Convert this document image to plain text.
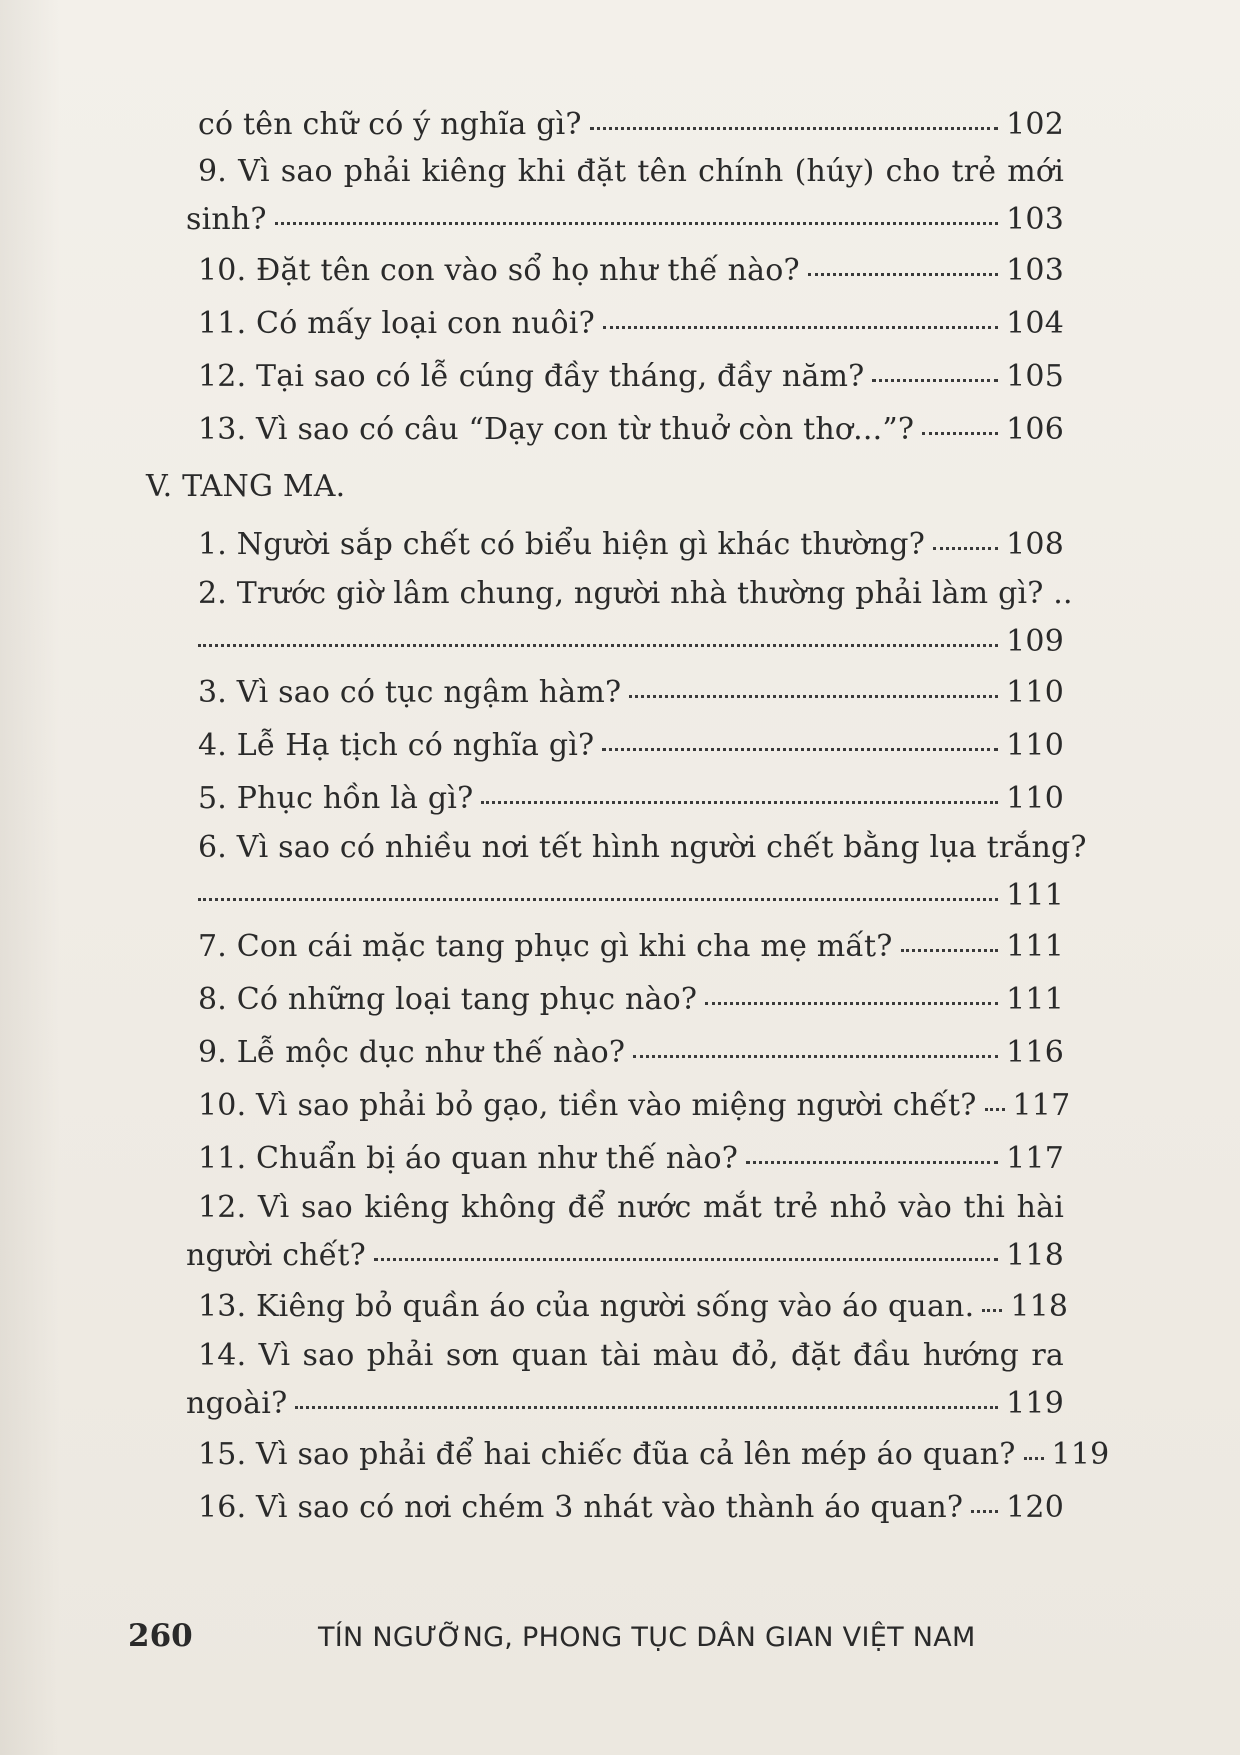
có tên chữ có ý nghĩa gì?	102
9. Vì sao phải kiêng khi đặt tên chính (húy) cho trẻ mới
sinh?	103
10. Đặt tên con vào sổ họ như thế nào?	103
11. Có mấy loại con nuôi?	104
12. Tại sao có lễ cúng đầy tháng, đầy năm?	105
13. Vì sao có câu “Dạy con từ thuở còn thơ...”?	106
V. TANG MA.
1. Người sắp chết có biểu hiện gì khác thường?	108
2. Trước giờ lâm chung, người nhà thường phải làm gì? ..
109
3. Vì sao có tục ngậm hàm?	110
4. Lễ Hạ tịch có nghĩa gì?	110
5. Phục hồn là gì?	110
6. Vì sao có nhiều nơi tết hình người chết bằng lụa trắng?
111
7. Con cái mặc tang phục gì khi cha mẹ mất?	111
8. Có những loại tang phục nào?	111
9. Lễ mộc dục như thế nào?	116
10. Vì sao phải bỏ gạo, tiền vào miệng người chết? 117
11. Chuẩn bị áo quan như thế nào?	117
12. Vì sao kiêng không để nước mắt trẻ nhỏ vào thi hài
người chết?	118
13. Kiêng bỏ quần áo của người sống vào áo quan. 118
14. Vì sao phải sơn quan tài màu đỏ, đặt đầu hướng ra
ngoài?	119
15. Vì sao phải để hai chiếc đũa cả lên mép áo quan? 119
16. Vì sao có nơi chém 3 nhát vào thành áo quan? 120
260	TÍN NGƯỠNG, PHONG TỤC DÂN GIAN VIỆT NAM
